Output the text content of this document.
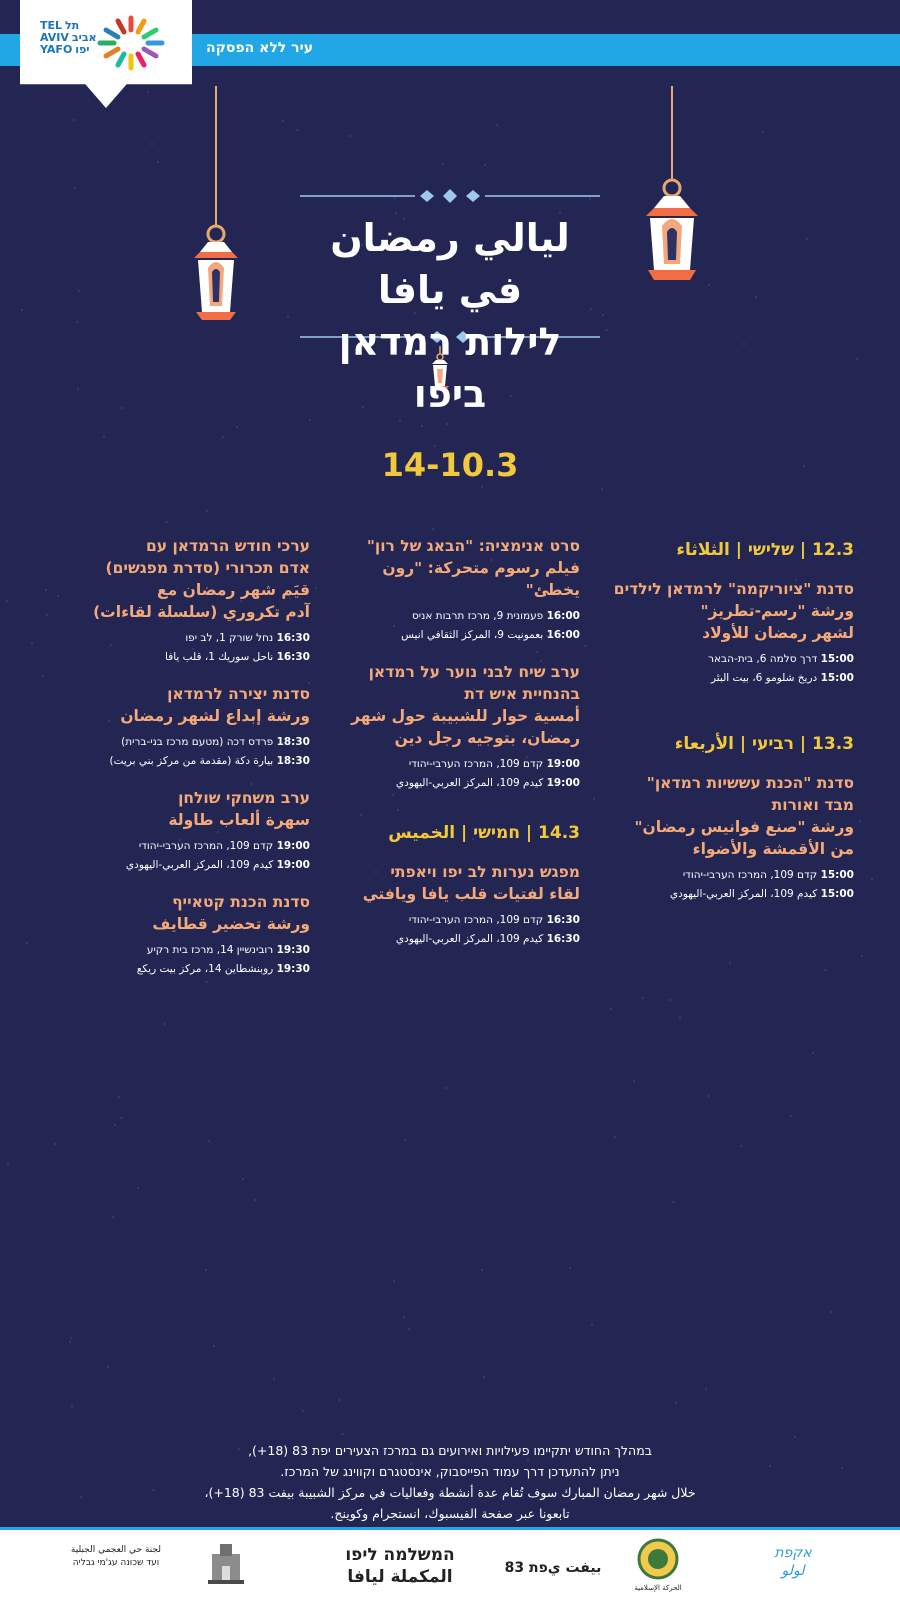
עיר ללא הפסקה
TEL תל
AVIV אביב
YAFO יפו
ليالي رمضان في يافا
לילות רמדאן ביפו
14-10.3
12.3 | שלישי | الثلاثاء
סדנת "ציוריקמה" לרמדאן לילדים
ورشة "رسم-تطريز"
لشهر رمضان للأولاد
15:00 דרך סלמה 6, בית-הבאר
15:00 دريخ شلومو 6، بيت البئر
13.3 | רביעי | الأربعاء
סדנת "הכנת עששיות רמדאן"
מבד ואורות
ورشة "صنع فوانيس رمضان"
من الأقمشة والأضواء
15:00 קדם 109, המרכז הערבי-יהודי
15:00 كيدم 109، المركز العربي-اليهودي
סרט אנימציה: "הבאג של רון"
فيلم رسوم متحركة: "رون يخطئ"
16:00 פעמונית 9, מרכז תרבות אניס
16:00 بعمونيت 9، المركز الثقافي انيس
ערב שיח לבני נוער על רמדאן
בהנחיית איש דת
أمسية حوار للشبيبة حول شهر
رمضان، بتوجيه رجل دين
19:00 קדם 109, המרכז הערבי-יהודי
19:00 كيدم 109، المركز العربي-اليهودي
14.3 | חמישי | الخميس
מפגש נערות לב יפו ויאפתי
لقاء لفتيات قلب يافا ويافتي
16:30 קדם 109, המרכז הערבי-יהודי
16:30 كيدم 109، المركز العربي-اليهودي
ערכי חודש הרמדאן עם
אדם תכרורי (סדרת מפגשים)
قيَم شهر رمضان مع
آدم تكروري (سلسلة لقاءات)
16:30 נחל שורק 1, לב יפו
16:30 ناحل سوريك 1، قلب يافا
סדנת יצירה לרמדאן
ورشة إبداع لشهر رمضان
18:30 פרדס דכה (מטעם מרכז בני-ברית)
18:30 بيارة دكة (مقدمة من مركز بني بريت)
ערב משחקי שולחן
سهرة ألعاب طاولة
19:00 קדם 109, המרכז הערבי-יהודי
19:00 كيدم 109، المركز العربي-اليهودي
סדנת הכנת קטאייף
ورشة تحضير قطايف
19:30 רובינשיין 14, מרכז בית רקיע
19:30 روبنشطاين 14، مركز بيت ريكع
במהלך החודש יתקיימו פעילויות ואירועים גם במרכז הצעירים יפת 83 (18+),
ניתן להתעדכן דרך עמוד הפייסבוק, אינסטגרם וקווינג של המרכז.
خلال شهر رمضان المبارك سوف تُقام عدة أنشطة وفعاليات في مركز الشبيبة بيفت 83 (18+)،
تابعونا عبر صفحة الفيسبوك، انستجرام وكوينج.
لجنة حي العجمي الجبلية
ועד שכונה עג'מי גבליה	המשלמה ליפו
المكملة ليافا	بيفت يפת 83
الحركة الإسلامية
אקפת
لولو
